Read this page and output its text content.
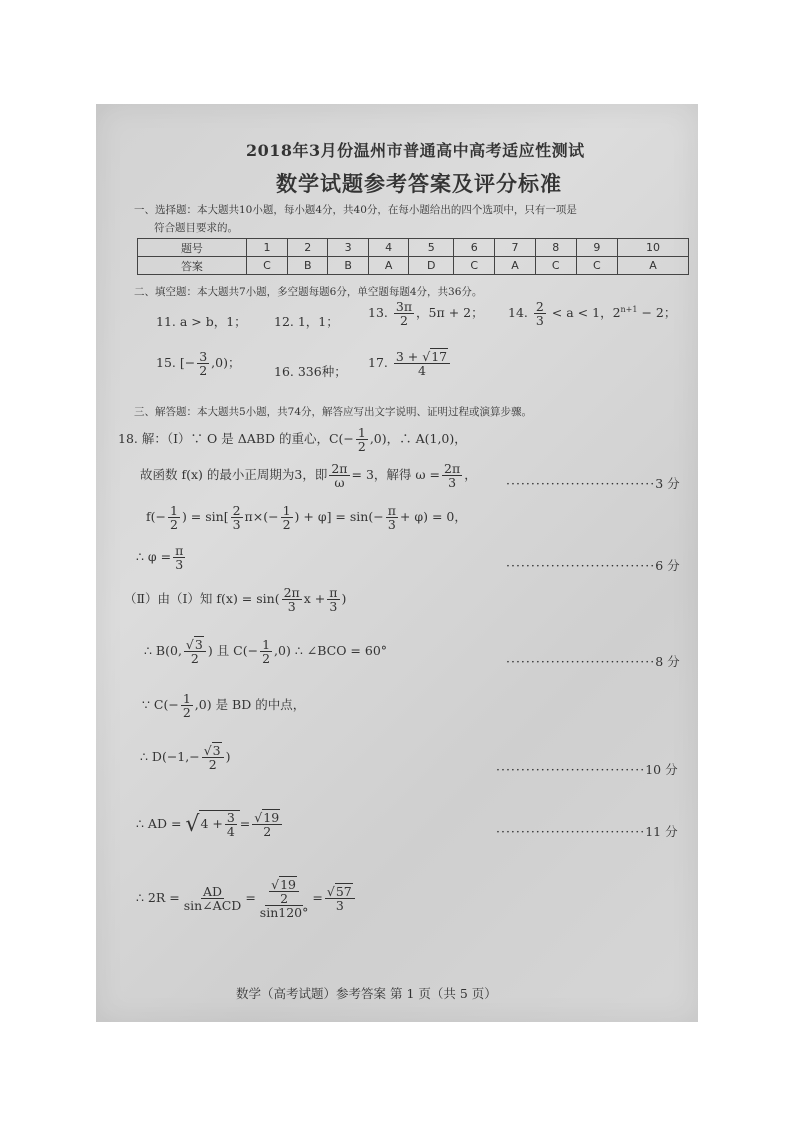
2018年3月份温州市普通高中高考适应性测试
数学试题参考答案及评分标准
一、选择题：本大题共10小题，每小题4分，共40分，在每小题给出的四个选项中，只有一项是
符合题目要求的。
题号	1	2	3	4	5	6	7	8	9	10
答案	C	B	B	A	D	C	A	C	C	A
二、填空题：本大题共7小题，多空题每题6分，单空题每题4分，共36分。
11. a > b，1； 12. 1，1；
13. $\frac{3\pi}{2}$ ，5π + 2； 14. $\frac{2}{3} < a < 1$，$2^{n+1} - 2$；
15. [− $\frac{3}{2} ,0$)；
16. 336种；
17. $\frac{3 + √17}{4}$
三、解答题：本大题共5小题，共74分，解答应写出文字说明、证明过程或演算步骤。
18. 解：（Ⅰ）∵ O 是 ΔABD 的重心，$C(- \frac{1}{2} ,0)$，∴ A(1,0)，
故函数 f(x) 的最小正周期为3，即 $\frac{2\pi}{\omega} = 3$，解得 $\omega = \frac{2\pi}{3}$ ，
······························3 分
$f(- \frac{1}{2}$ ) = $\sin[ \frac{2}{3} \pi\times(- \frac{1}{2}$ ) + $\varphi] = \sin(- \frac{\pi}{3} + \varphi) = 0$，
∴ $\varphi = \frac{\pi}{3}$	······························6 分
（Ⅱ）由（Ⅰ）知 $f(x) = \sin( \frac{2\pi}{3}$ $x + \frac{\pi}{3}$ )
∴ B(0, $\frac{√3}{2}$ ) 且 $C(- \frac{1}{2} ,0)$ ∴ ∠BCO = 60°
······························8 分
∵ $C(- \frac{1}{2} ,0)$ 是 BD 的中点，
∴ $D(-1,- \frac{√3}{2}$ )
······························10 分
∴ AD = $√4 + \frac{3}{4} = \frac{√19}{2}$	······························11 分
∴ $2R = \frac{AD}{\text{sin∠ACD}} = \frac{\frac{√19}{2}}{\sin 120^\circ} = \frac{√57}{3}$
数学（高考试题）参考答案 第 1 页（共 5 页）
